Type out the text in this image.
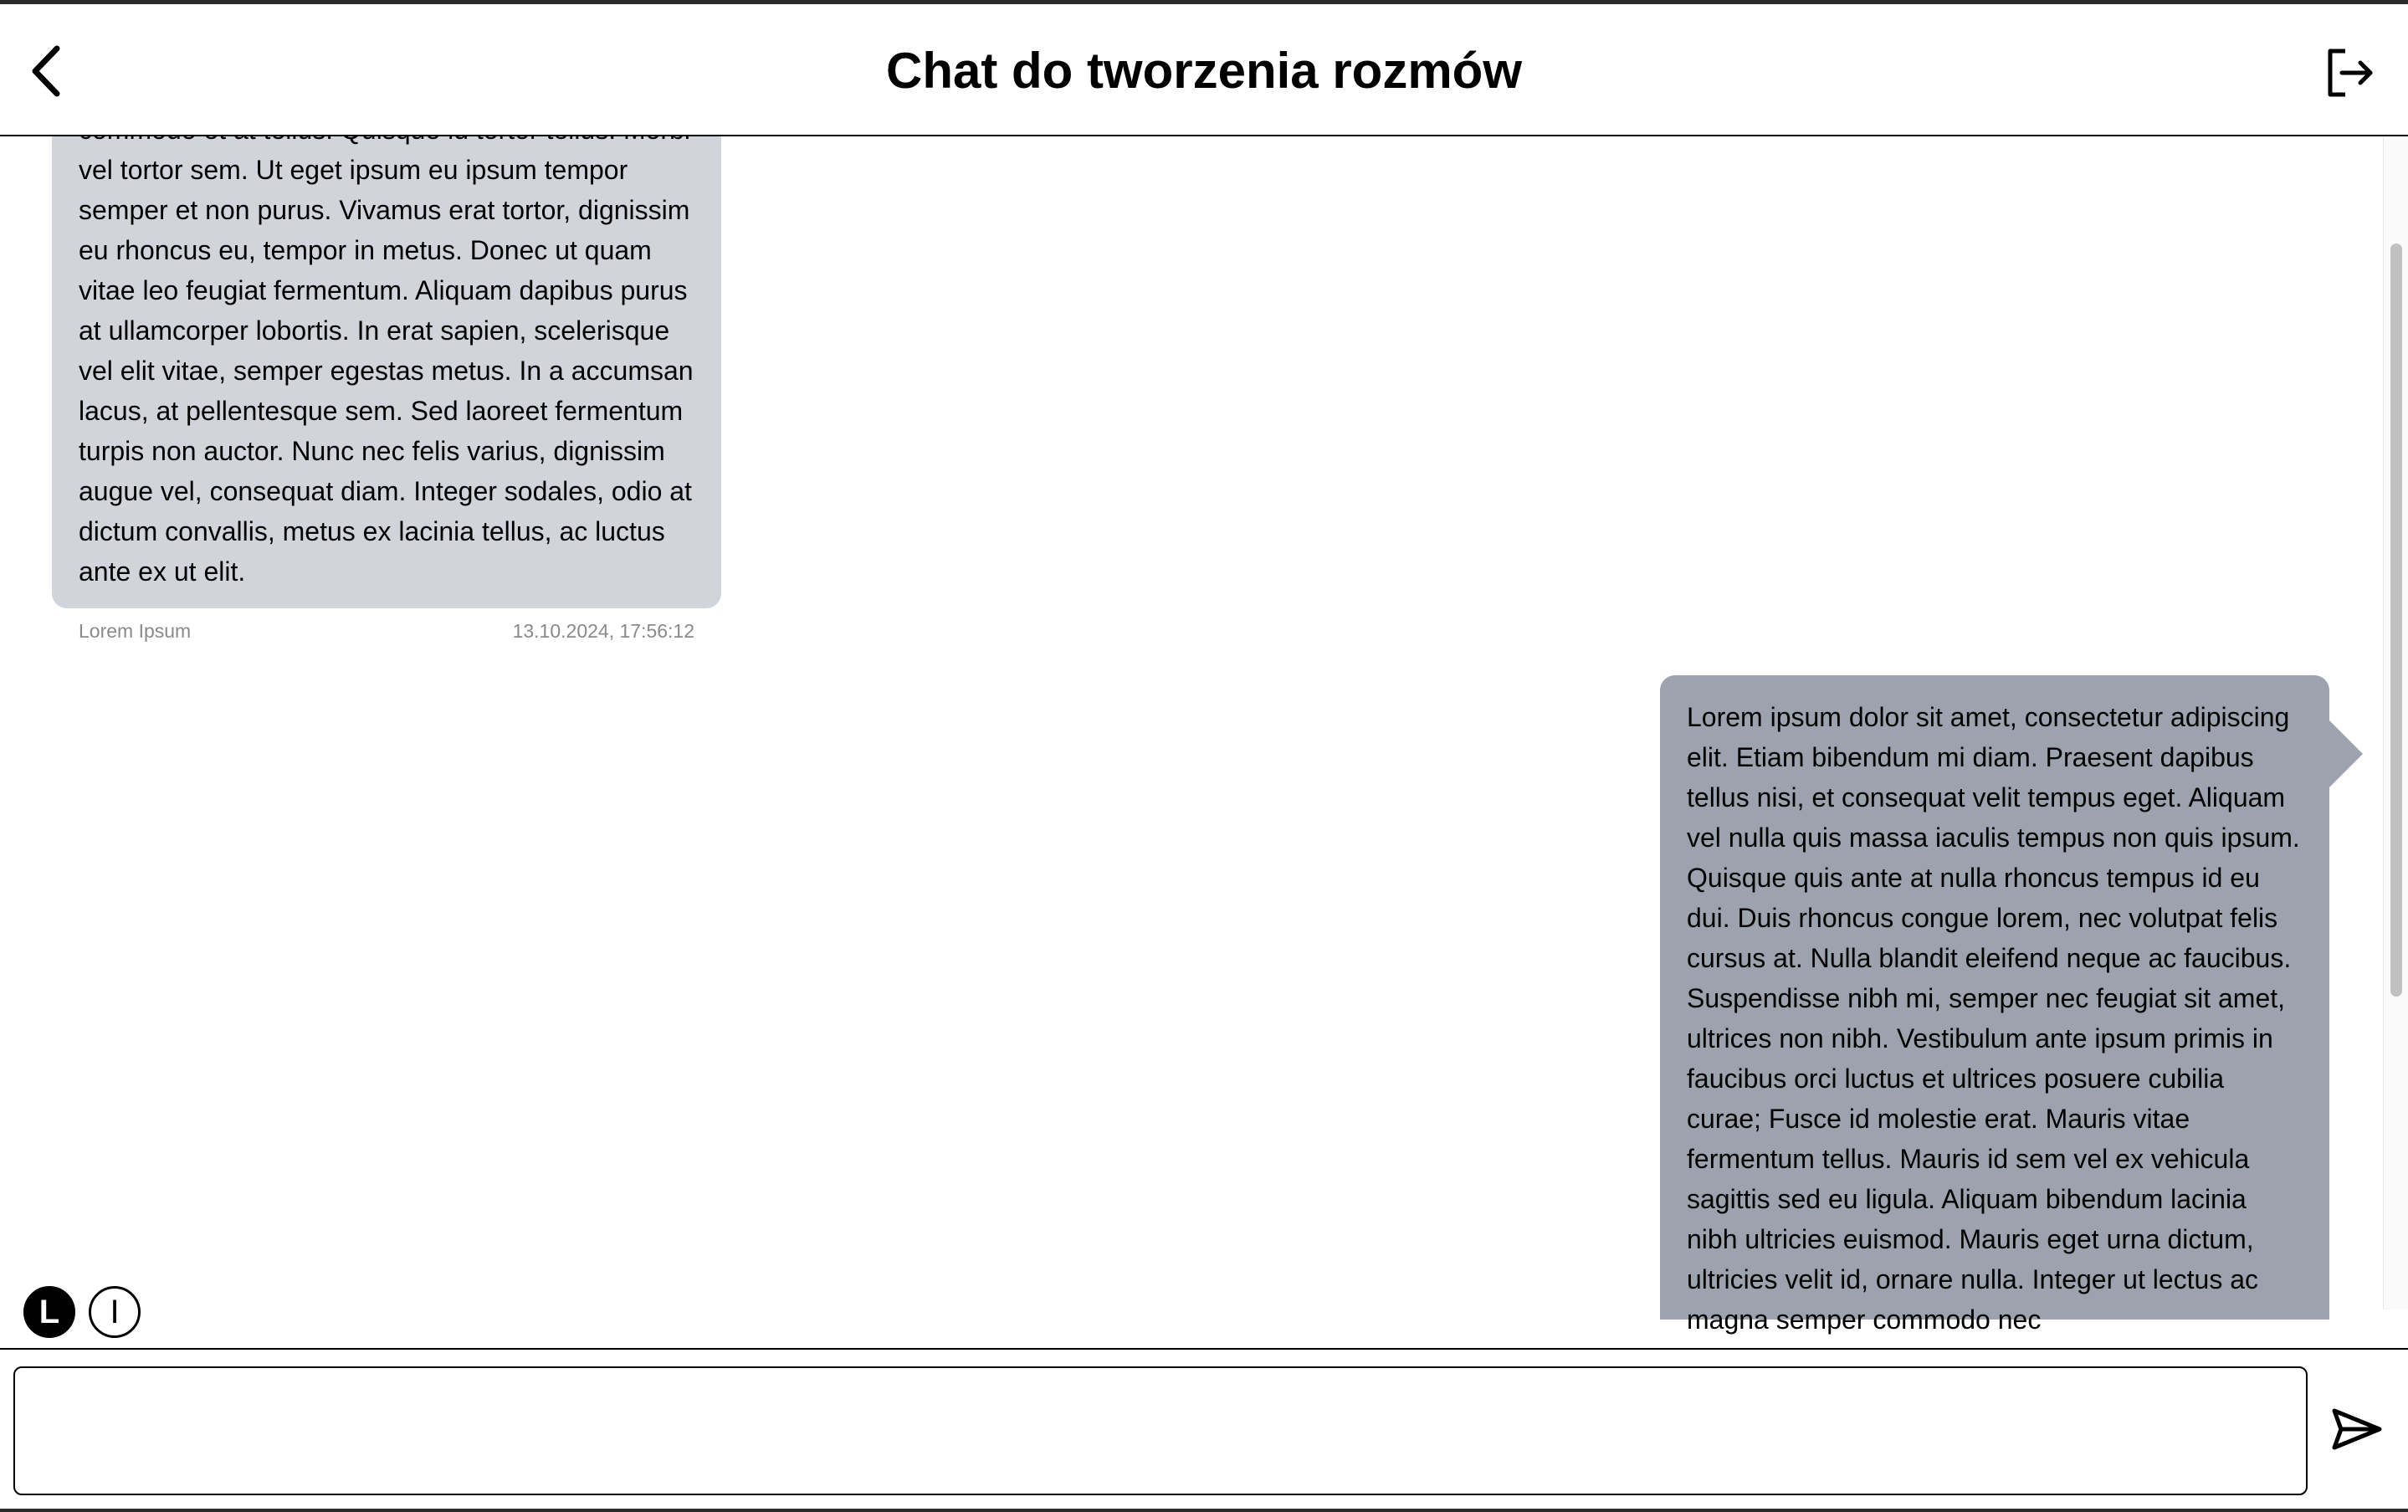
Chat do tworzenia rozmów
vel tortor sem. Ut eget ipsum eu ipsum tempor semper et non purus. Vivamus erat tortor, dignissim eu rhoncus eu, tempor in metus. Donec ut quam vitae leo feugiat fermentum. Aliquam dapibus purus at ullamcorper lobortis. In erat sapien, scelerisque vel elit vitae, semper egestas metus. In a accumsan lacus, at pellentesque sem. Sed laoreet fermentum turpis non auctor. Nunc nec felis varius, dignissim augue vel, consequat diam. Integer sodales, odio at dictum convallis, metus ex lacinia tellus, ac luctus ante ex ut elit.
Lorem Ipsum	13.10.2024, 17:56:12
Lorem ipsum dolor sit amet, consectetur adipiscing elit. Etiam bibendum mi diam. Praesent dapibus tellus nisi, et consequat velit tempus eget. Aliquam vel nulla quis massa iaculis tempus non quis ipsum. Quisque quis ante at nulla rhoncus tempus id eu dui. Duis rhoncus congue lorem, nec volutpat felis cursus at. Nulla blandit eleifend neque ac faucibus. Suspendisse nibh mi, semper nec feugiat sit amet, ultrices non nibh. Vestibulum ante ipsum primis in faucibus orci luctus et ultrices posuere cubilia curae; Fusce id molestie erat. Mauris vitae fermentum tellus. Mauris id sem vel ex vehicula sagittis sed eu ligula. Aliquam bibendum lacinia nibh ultricies euismod. Mauris eget urna dictum, ultricies velit id, ornare nulla. Integer ut lectus ac magna semper commodo nec
L	I
